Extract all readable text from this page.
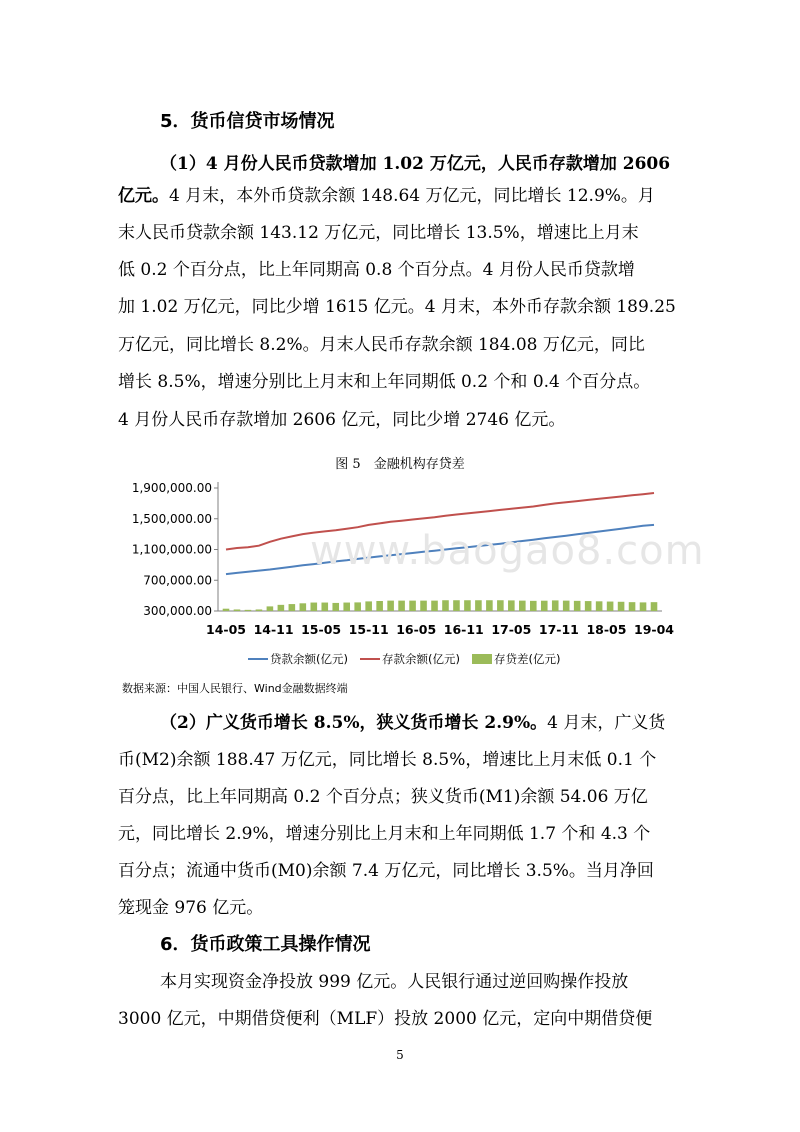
5．货币信贷市场情况
（1）4 月份人民币贷款增加 1.02 万亿元，人民币存款增加 2606
亿元。4 月末，本外币贷款余额 148.64 万亿元，同比增长 12.9%。月
末人民币贷款余额 143.12 万亿元，同比增长 13.5%，增速比上月末
低 0.2 个百分点，比上年同期高 0.8 个百分点。4 月份人民币贷款增
加 1.02 万亿元，同比少增 1615 亿元。4 月末，本外币存款余额 189.25
万亿元，同比增长 8.2%。月末人民币存款余额 184.08 万亿元，同比
增长 8.5%，增速分别比上月末和上年同期低 0.2 个和 0.4 个百分点。
4 月份人民币存款增加 2606 亿元，同比少增 2746 亿元。
图 5　金融机构存贷差
1,900,000.00
1,500,000.00
1,100,000.00
700,000.00
300,000.00
14-05 14-11 15-05 15-11 16-05 16-11 17-05 17-11 18-05 19-04
贷款余额(亿元)	存款余额(亿元)	存贷差(亿元)
www.baogao8.com
数据来源：中国人民银行、Wind金融数据终端
（2）广义货币增长 8.5%，狭义货币增长 2.9%。4 月末，广义货
币(M2)余额 188.47 万亿元，同比增长 8.5%，增速比上月末低 0.1 个
百分点，比上年同期高 0.2 个百分点；狭义货币(M1)余额 54.06 万亿
元，同比增长 2.9%，增速分别比上月末和上年同期低 1.7 个和 4.3 个
百分点；流通中货币(M0)余额 7.4 万亿元，同比增长 3.5%。当月净回
笼现金 976 亿元。
6．货币政策工具操作情况
本月实现资金净投放 999 亿元。人民银行通过逆回购操作投放
3000 亿元，中期借贷便利（MLF）投放 2000 亿元，定向中期借贷便
5
